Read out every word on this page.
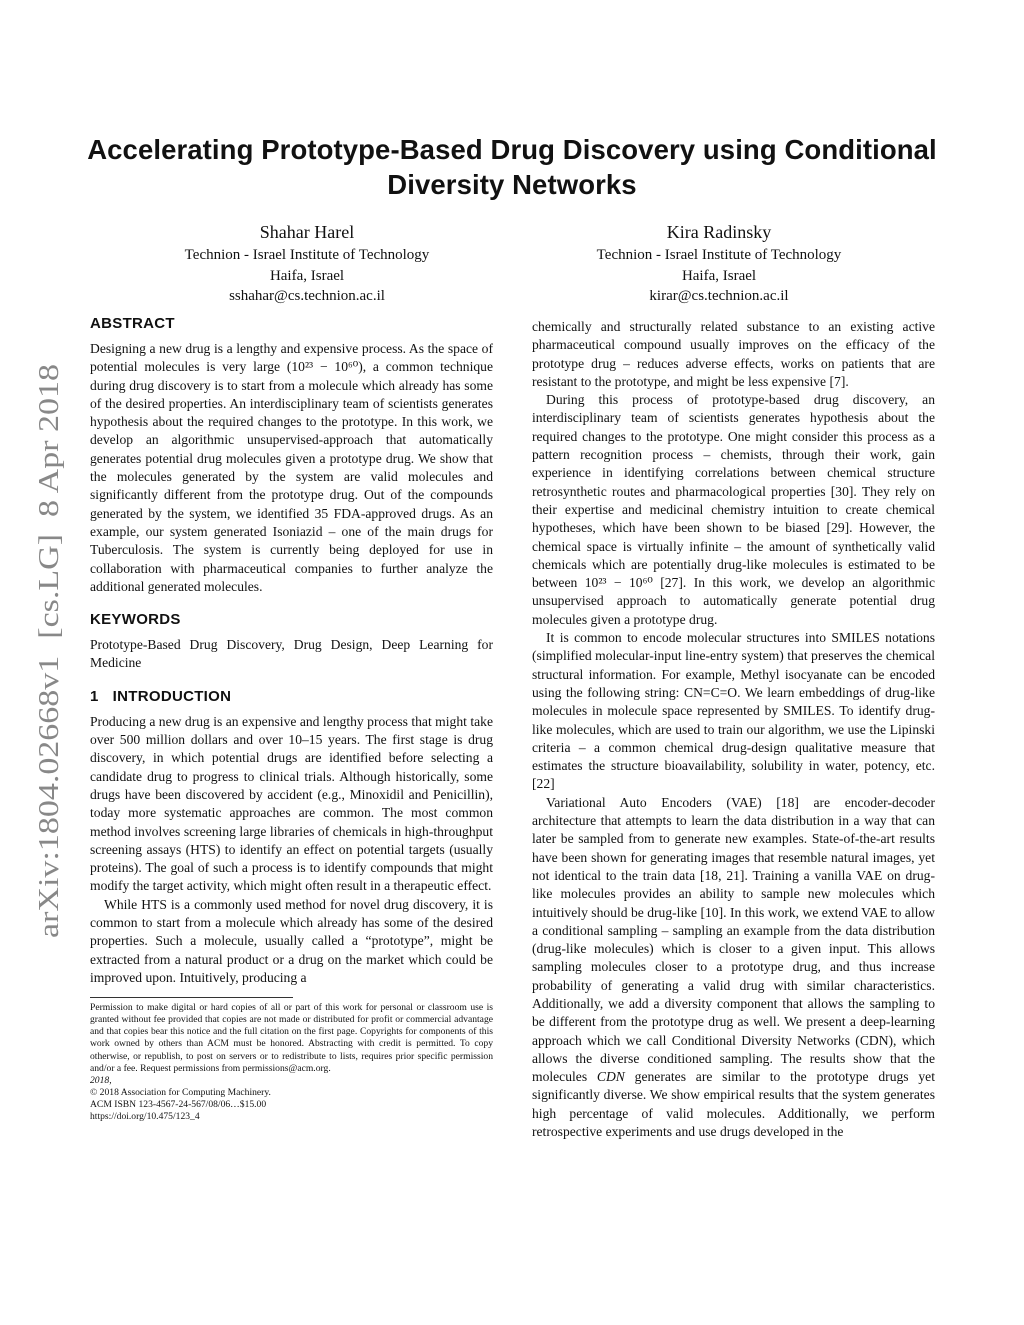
arXiv:1804.02668v1  [cs.LG]  8 Apr 2018
Accelerating Prototype-Based Drug Discovery using Conditional
Diversity Networks
Shahar Harel
Technion - Israel Institute of Technology
Haifa, Israel
sshahar@cs.technion.ac.il
Kira Radinsky
Technion - Israel Institute of Technology
Haifa, Israel
kirar@cs.technion.ac.il
ABSTRACT

Designing a new drug is a lengthy and expensive process. As the space of potential molecules is very large (10²³ − 10⁶⁰), a common technique during drug discovery is to start from a molecule which already has some of the desired properties. An interdisciplinary team of scientists generates hypothesis about the required changes to the prototype. In this work, we develop an algorithmic unsupervised-approach that automatically generates potential drug molecules given a prototype drug. We show that the molecules generated by the system are valid molecules and significantly different from the prototype drug. Out of the compounds generated by the system, we identified 35 FDA-approved drugs. As an example, our system generated Isoniazid – one of the main drugs for Tuberculosis. The system is currently being deployed for use in collaboration with pharmaceutical companies to further analyze the additional generated molecules.

KEYWORDS

Prototype-Based Drug Discovery, Drug Design, Deep Learning for Medicine

1 INTRODUCTION

Producing a new drug is an expensive and lengthy process that might take over 500 million dollars and over 10–15 years. The first stage is drug discovery, in which potential drugs are identified before selecting a candidate drug to progress to clinical trials. Although historically, some drugs have been discovered by accident (e.g., Minoxidil and Penicillin), today more systematic approaches are common. The most common method involves screening large libraries of chemicals in high-throughput screening assays (HTS) to identify an effect on potential targets (usually proteins). The goal of such a process is to identify compounds that might modify the target activity, which might often result in a therapeutic effect.

While HTS is a commonly used method for novel drug discovery, it is common to start from a molecule which already has some of the desired properties. Such a molecule, usually called a “prototype”, might be extracted from a natural product or a drug on the market which could be improved upon. Intuitively, producing a

Permission to make digital or hard copies of all or part of this work for personal or classroom use is granted without fee provided that copies are not made or distributed for profit or commercial advantage and that copies bear this notice and the full citation on the first page. Copyrights for components of this work owned by others than ACM must be honored. Abstracting with credit is permitted. To copy otherwise, or republish, to post on servers or to redistribute to lists, requires prior specific permission and/or a fee. Request permissions from permissions@acm.org.
2018,
© 2018 Association for Computing Machinery.
ACM ISBN 123-4567-24-567/08/06…$15.00
https://doi.org/10.475/123_4

chemically and structurally related substance to an existing active pharmaceutical compound usually improves on the efficacy of the prototype drug – reduces adverse effects, works on patients that are resistant to the prototype, and might be less expensive [7].

During this process of prototype-based drug discovery, an interdisciplinary team of scientists generates hypothesis about the required changes to the prototype. One might consider this process as a pattern recognition process – chemists, through their work, gain experience in identifying correlations between chemical structure retrosynthetic routes and pharmacological properties [30]. They rely on their expertise and medicinal chemistry intuition to create chemical hypotheses, which have been shown to be biased [29]. However, the chemical space is virtually infinite – the amount of synthetically valid chemicals which are potentially drug-like molecules is estimated to be between 10²³ − 10⁶⁰ [27]. In this work, we develop an algorithmic unsupervised approach to automatically generate potential drug molecules given a prototype drug.

It is common to encode molecular structures into SMILES notations (simplified molecular-input line-entry system) that preserves the chemical structural information. For example, Methyl isocyanate can be encoded using the following string: CN=C=O. We learn embeddings of drug-like molecules in molecule space represented by SMILES. To identify drug-like molecules, which are used to train our algorithm, we use the Lipinski criteria – a common chemical drug-design qualitative measure that estimates the structure bioavailability, solubility in water, potency, etc. [22]

Variational Auto Encoders (VAE) [18] are encoder-decoder architecture that attempts to learn the data distribution in a way that can later be sampled from to generate new examples. State-of-the-art results have been shown for generating images that resemble natural images, yet not identical to the train data [18, 21]. Training a vanilla VAE on drug-like molecules provides an ability to sample new molecules which intuitively should be drug-like [10]. In this work, we extend VAE to allow a conditional sampling – sampling an example from the data distribution (drug-like molecules) which is closer to a given input. This allows sampling molecules closer to a prototype drug, and thus increase probability of generating a valid drug with similar characteristics. Additionally, we add a diversity component that allows the sampling to be different from the prototype drug as well. We present a deep-learning approach which we call Conditional Diversity Networks (CDN), which allows the diverse conditioned sampling. The results show that the molecules CDN generates are similar to the prototype drugs yet significantly diverse. We show empirical results that the system generates high percentage of valid molecules. Additionally, we perform retrospective experiments and use drugs developed in the
